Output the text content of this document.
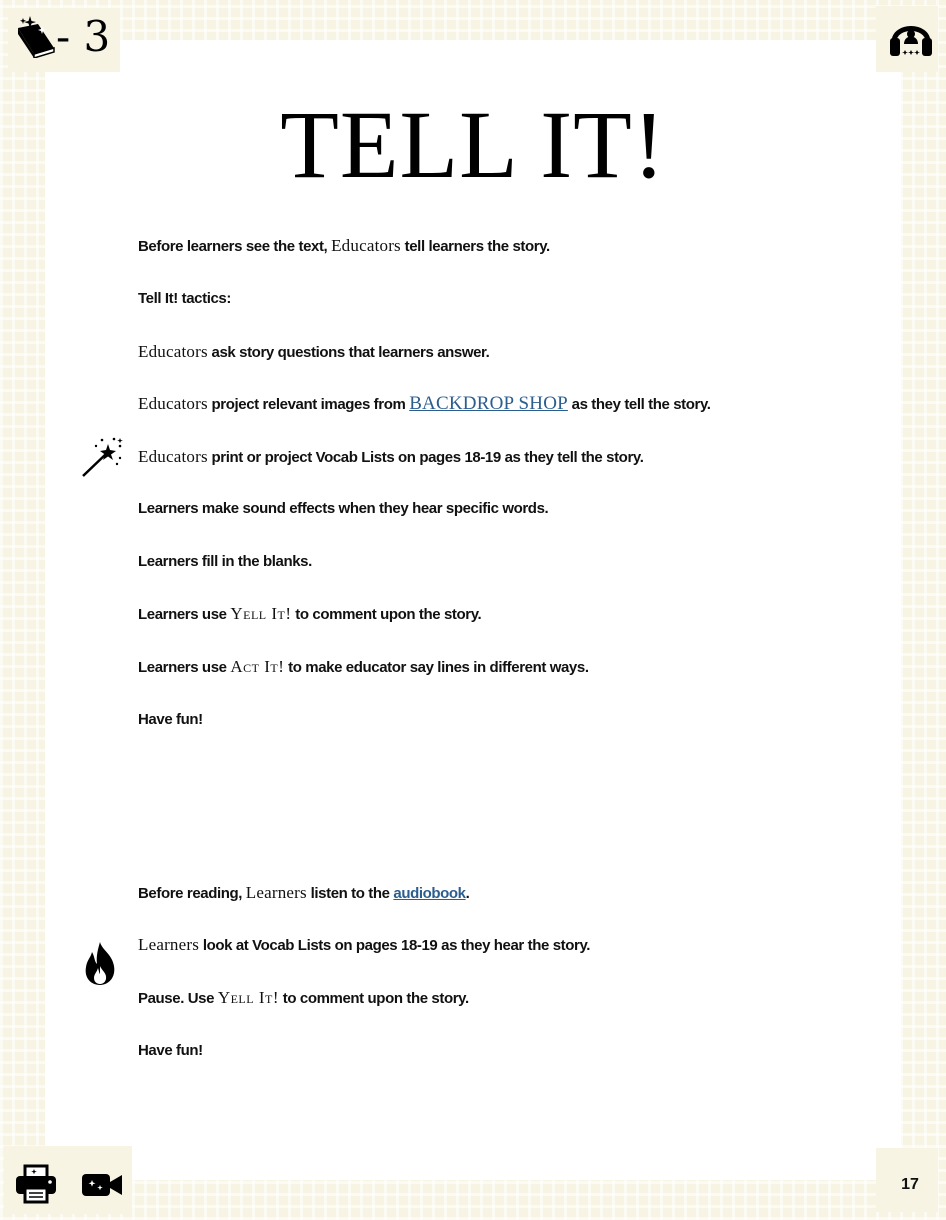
- 3
TELL IT!
Before learners see the text, Educators tell learners the story.
Tell It! tactics:
Educators ask story questions that learners answer.
Educators project relevant images from BACKDROP SHOP as they tell the story.
Educators print or project Vocab Lists on pages 18-19 as they tell the story.
Learners make sound effects when they hear specific words.
Learners fill in the blanks.
Learners use Yell It! to comment upon the story.
Learners use Act It! to make educator say lines in different ways.
Have fun!
Before reading, Learners listen to the audiobook.
Learners look at Vocab Lists on pages 18-19 as they hear the story.
Pause. Use Yell It! to comment upon the story.
Have fun!
17
